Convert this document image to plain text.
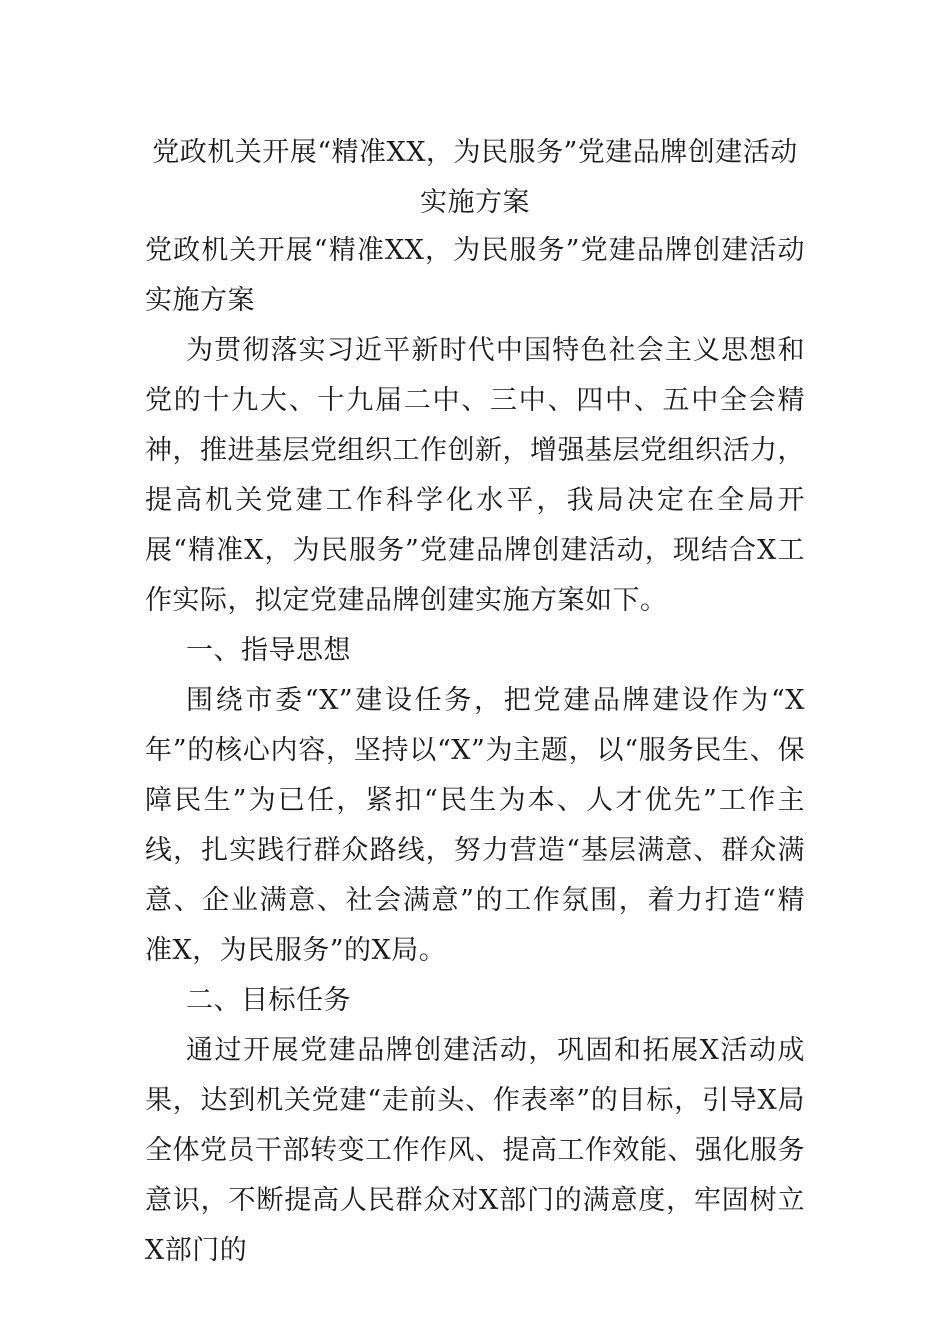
党政机关开展“精准XX，为民服务”党建品牌创建活动实施方案

党政机关开展“精准XX，为民服务”党建品牌创建活动实施方案

为贯彻落实习近平新时代中国特色社会主义思想和党的十九大、十九届二中、三中、四中、五中全会精神，推进基层党组织工作创新，增强基层党组织活力，提高机关党建工作科学化水平，我局决定在全局开展“精准X，为民服务”党建品牌创建活动，现结合X工作实际，拟定党建品牌创建实施方案如下。

一、指导思想

围绕市委“X”建设任务，把党建品牌建设作为“X年”的核心内容，坚持以“X”为主题，以“服务民生、保障民生”为已任，紧扣“民生为本、人才优先”工作主线，扎实践行群众路线，努力营造“基层满意、群众满意、企业满意、社会满意”的工作氛围，着力打造“精准X，为民服务”的X局。

二、目标任务

通过开展党建品牌创建活动，巩固和拓展X活动成果，达到机关党建“走前头、作表率”的目标，引导X局全体党员干部转变工作作风、提高工作效能、强化服务意识，不断提高人民群众对X部门的满意度，牢固树立X部门的
